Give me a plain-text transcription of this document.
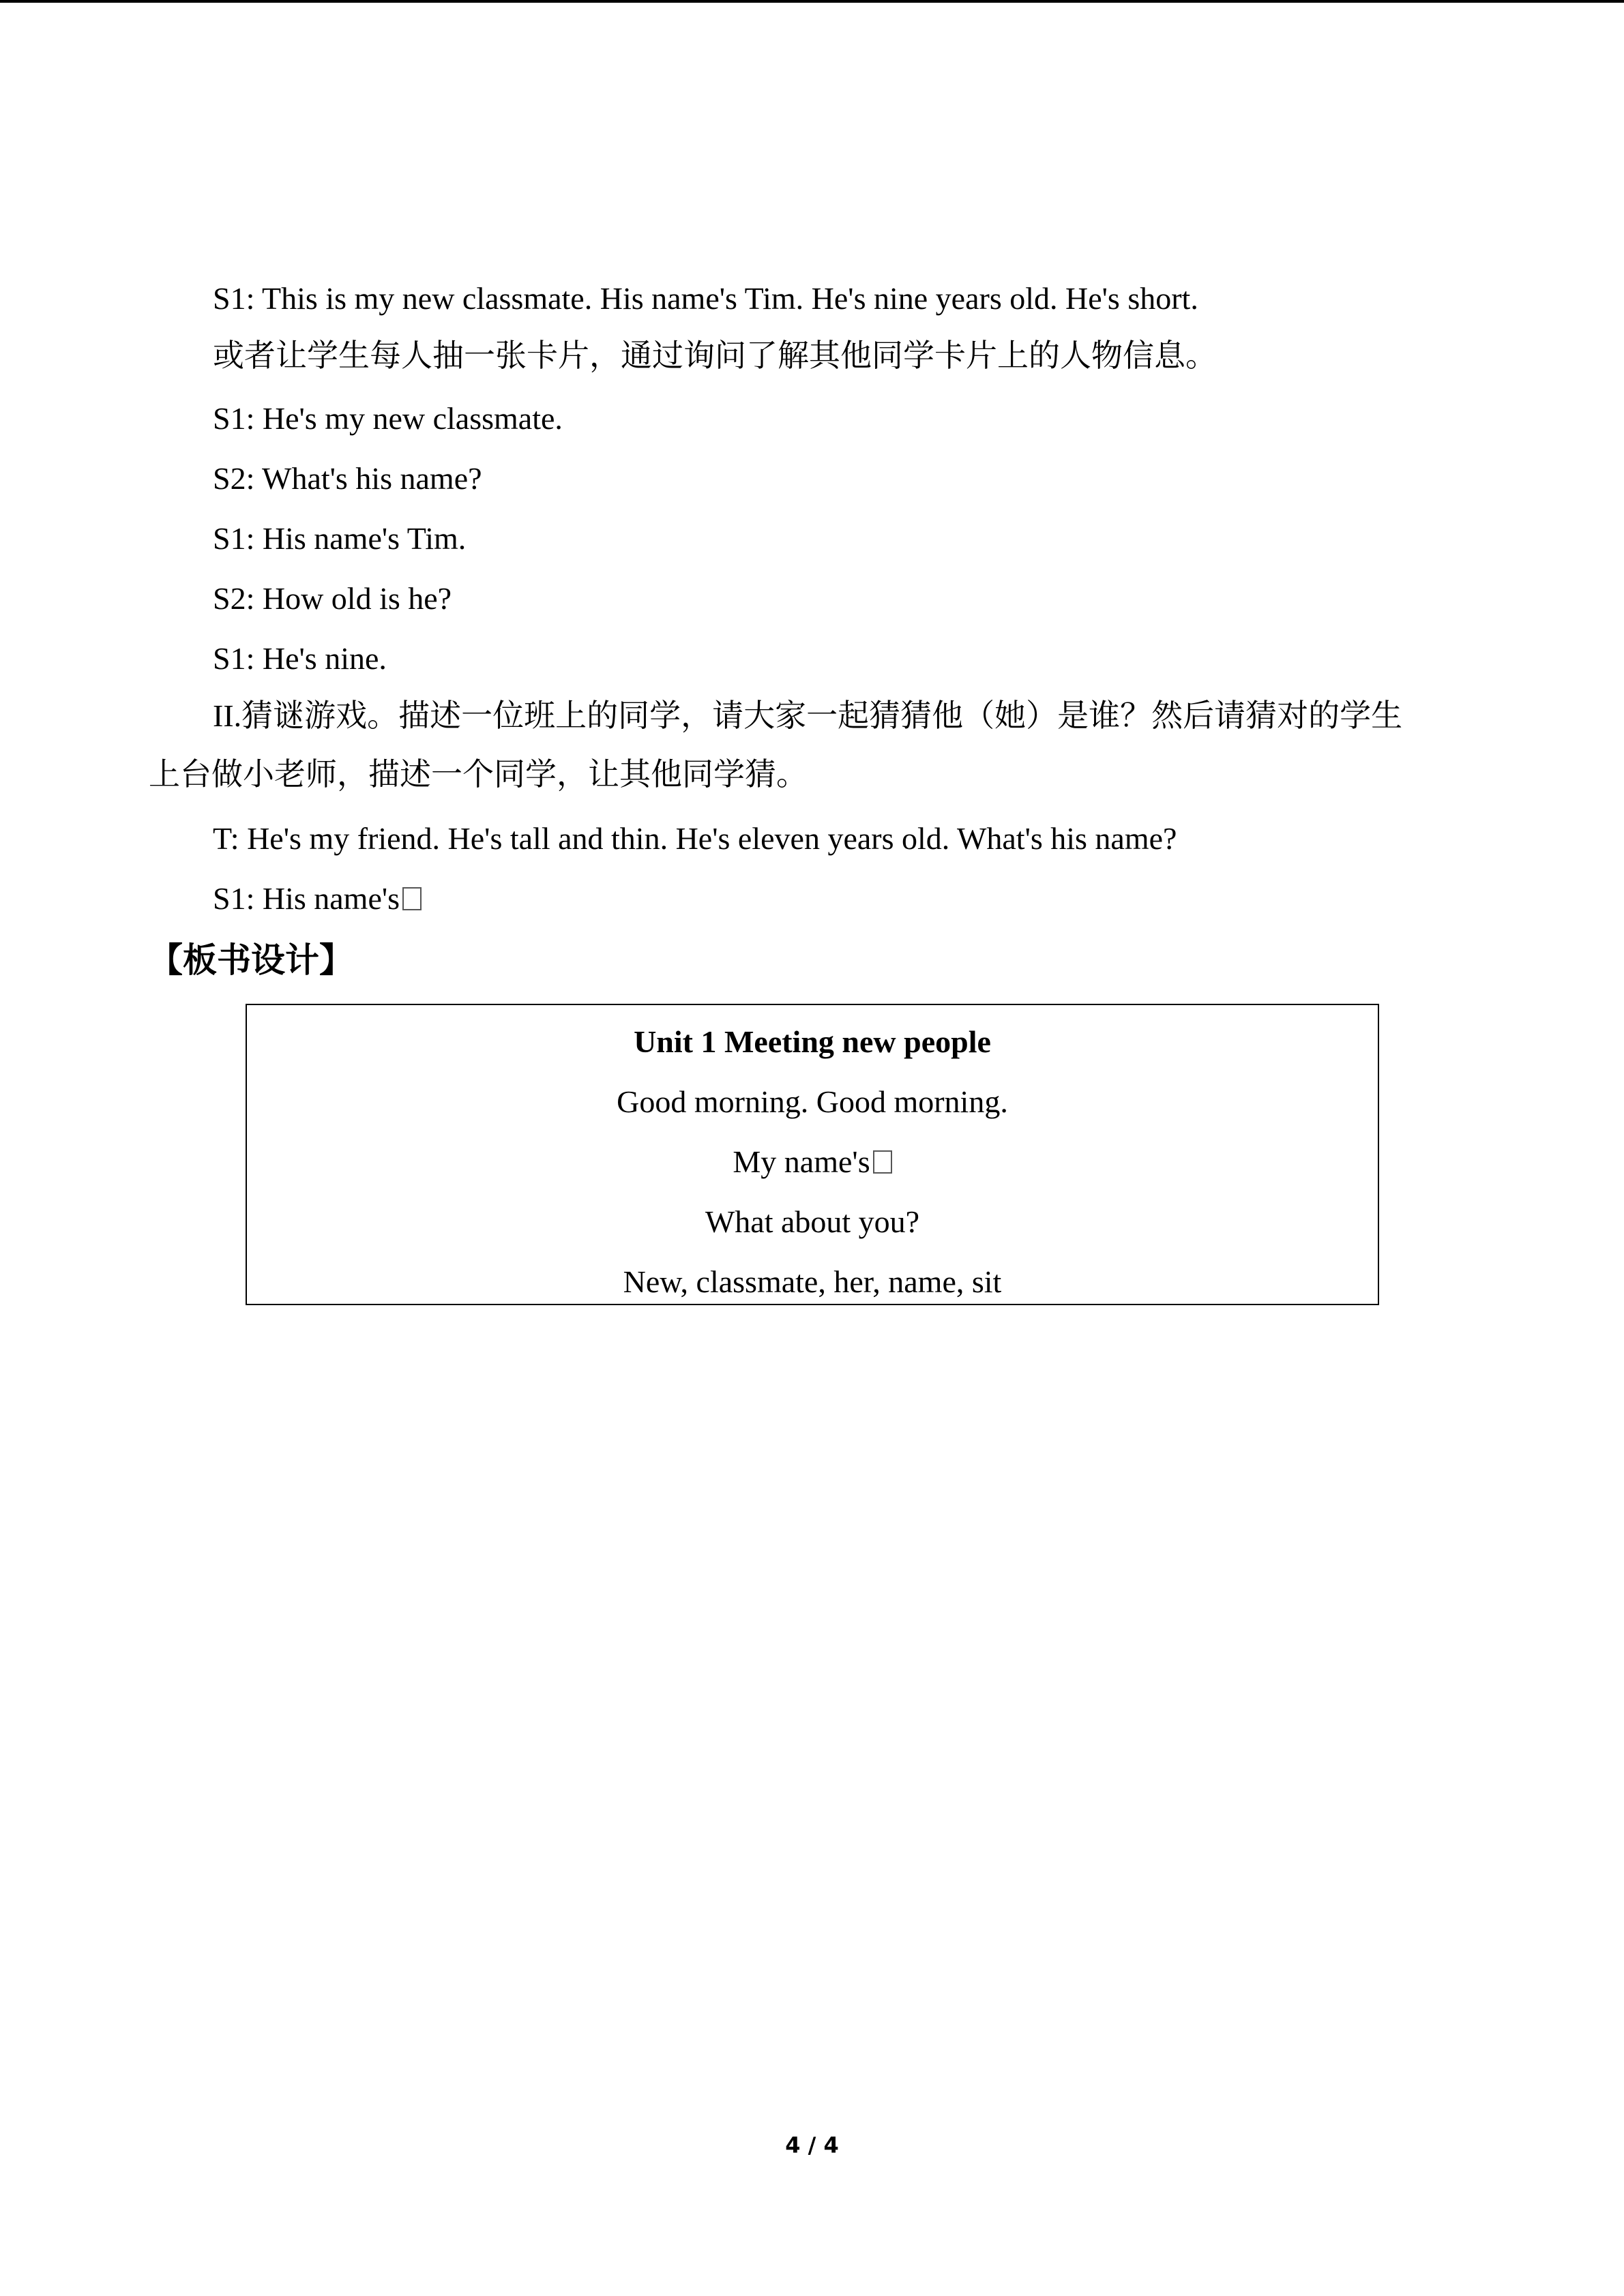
S1: This is my new classmate. His name's Tim. He's nine years old. He's short.
或者让学生每人抽一张卡片，通过询问了解其他同学卡片上的人物信息。
S1: He's my new classmate.
S2: What's his name?
S1: His name's Tim.
S2: How old is he?
S1: He's nine.
II.猜谜游戏。描述一位班上的同学，请大家一起猜猜他（她）是谁？然后请猜对的学生
上台做小老师，描述一个同学，让其他同学猜。
T: He's my friend. He's tall and thin. He's eleven years old. What's his name?
S1: His name's
【板书设计】
Unit 1 Meeting new people
Good morning. Good morning.
My name's
What about you?
New, classmate, her, name, sit
4 / 4
